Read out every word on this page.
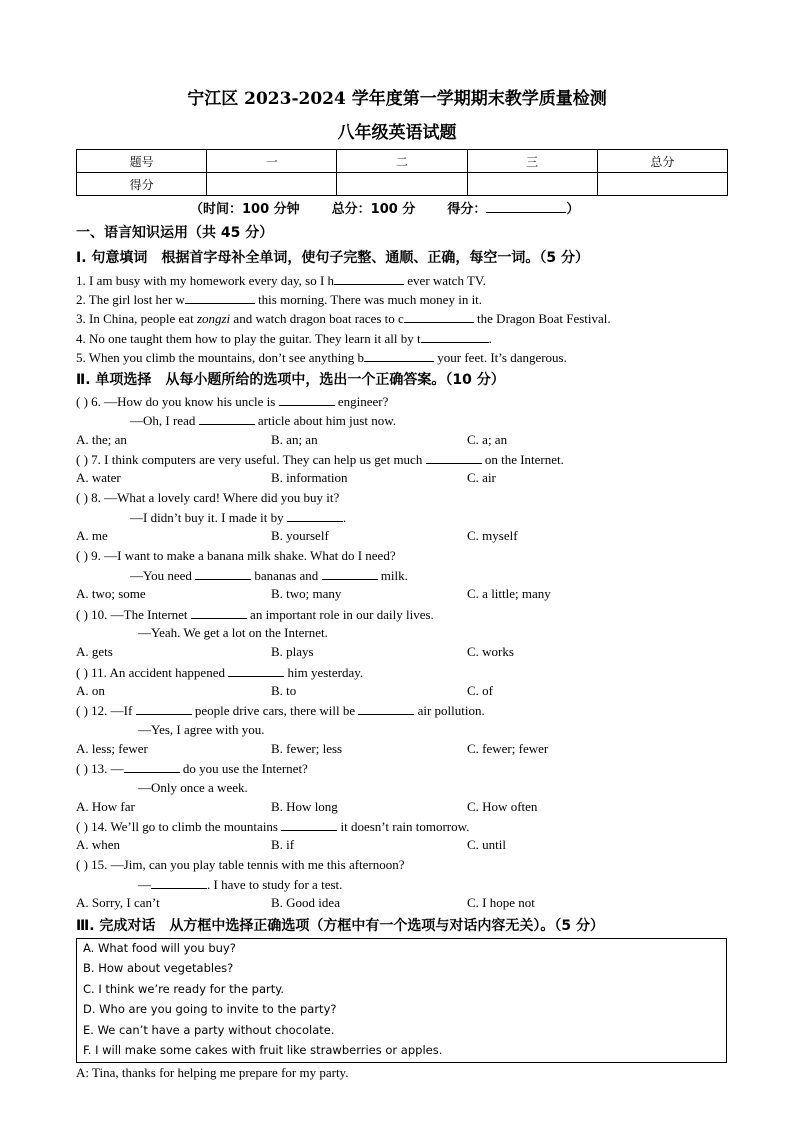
宁江区 2023-2024 学年度第一学期期末教学质量检测
八年级英语试题
题号	一	二	三	总分
得分				
（时间：100 分钟 总分：100 分 得分：	）
一、语言知识运用（共 45 分）
Ⅰ. 句意填词　根据首字母补全单词，使句子完整、通顺、正确，每空一词。（5 分）
1. I am busy with my homework every day, so I h	ever watch TV.
2. The girl lost her w	this morning. There was much money in it.
3. In China, people eat zongzi and watch dragon boat races to c	the Dragon Boat Festival.
4. No one taught them how to play the guitar. They learn it all by t	.
5. When you climb the mountains, don’t see anything b	your feet. It’s dangerous.
Ⅱ. 单项选择　从每小题所给的选项中，选出一个正确答案。（10 分）
( ) 6. —How do you know his uncle is	engineer?
—Oh, I read	article about him just now.
A. the; an	B. an; an	C. a; an
( ) 7. I think computers are very useful. They can help us get much	on the Internet.
A. water	B. information	C. air
( ) 8. —What a lovely card! Where did you buy it?
—I didn’t buy it. I made it by	.
A. me	B. yourself	C. myself
( ) 9. —I want to make a banana milk shake. What do I need?
—You need	bananas and	milk.
A. two; some	B. two; many	C. a little; many
( ) 10. —The Internet	an important role in our daily lives.
—Yeah. We get a lot on the Internet.
A. gets	B. plays	C. works
( ) 11. An accident happened	him yesterday.
A. on	B. to	C. of
( ) 12. —If	people drive cars, there will be	air pollution.
—Yes, I agree with you.
A. less; fewer	B. fewer; less	C. fewer; fewer
( ) 13. —	do you use the Internet?
—Only once a week.
A. How far	B. How long	C. How often
( ) 14. We’ll go to climb the mountains	it doesn’t rain tomorrow.
A. when	B. if	C. until
( ) 15. —Jim, can you play table tennis with me this afternoon?
—	. I have to study for a test.
A. Sorry, I can’t	B. Good idea	C. I hope not
Ⅲ. 完成对话　从方框中选择正确选项（方框中有一个选项与对话内容无关）。（5 分）
A. What food will you buy?
B. How about vegetables?
C. I think we’re ready for the party.
D. Who are you going to invite to the party?
E. We can’t have a party without chocolate.
F. I will make some cakes with fruit like strawberries or apples.
A: Tina, thanks for helping me prepare for my party.
